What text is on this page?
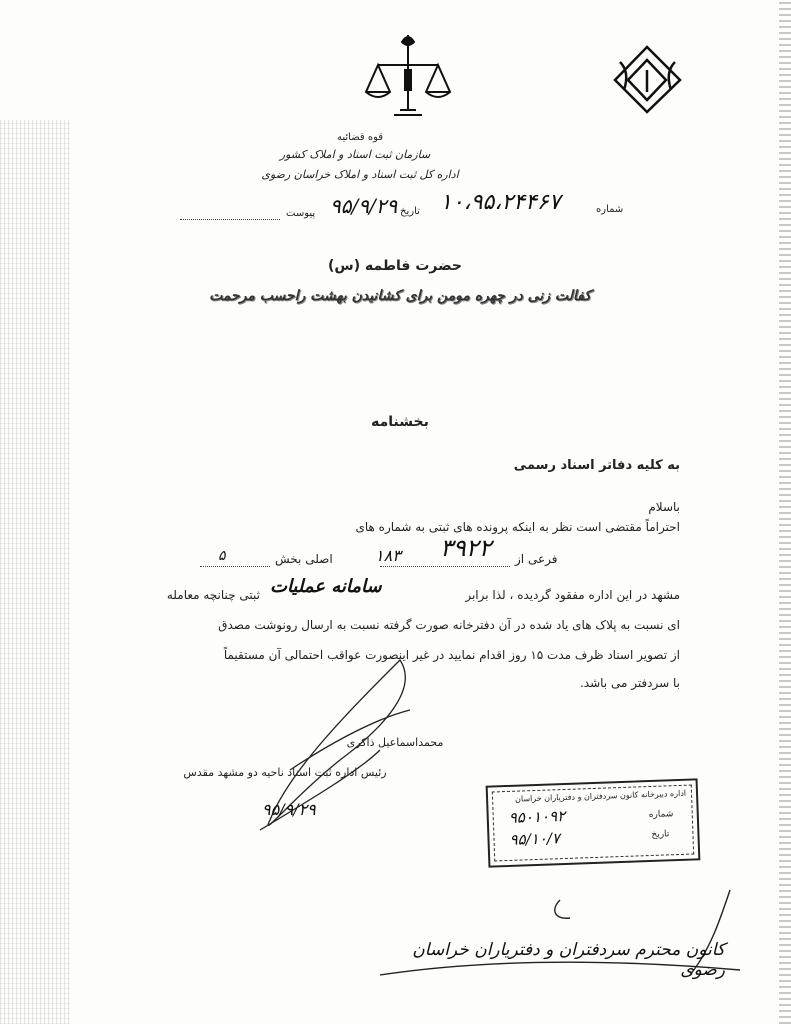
قوه قضائیه
سازمان ثبت اسناد و املاک کشور
اداره کل ثبت اسناد و املاک خراسان رضوی
شماره
۱۰،۹۵،۲۴۴۶۷
تاریخ
۹۵/۹/۲۹
پیوست
حضرت فاطمه (س)
کفالت زنی در چهره مومن برای کشانیدن بهشت راحسب مرحمت
بخشنامه
به کلیه دفاتر اسناد رسمی
باسلام
احتراماً مقتضی است نظر به اینکه پرونده های ثبتی به شماره های
فرعی از
۳۹۲۲
۱۸۳
اصلی بخش
۵
مشهد در این اداره مفقود گردیده ، لذا برابر
سامانه عملیات
ثبتی چنانچه معامله
ای نسبت به پلاک های یاد شده در آن دفترخانه صورت گرفته نسبت به ارسال رونوشت مصدق
از تصویر اسناد ظرف مدت ۱۵ روز اقدام نمایید در غیر اینصورت عواقب احتمالی آن مستقیماً
با سردفتر می باشد.
محمداسماعیل ذاکری
رئیس اداره ثبت اسناد ناحیه دو مشهد مقدس
۹۵/۹/۲۹
اداره دبیرخانه کانون سردفتران و دفتریاران خراسان
شماره
۹۵۰۱۰۹۲
تاریخ
۹۵/۱۰/۷
کانون محترم سردفتران و دفتریاران خراسان رضوی
